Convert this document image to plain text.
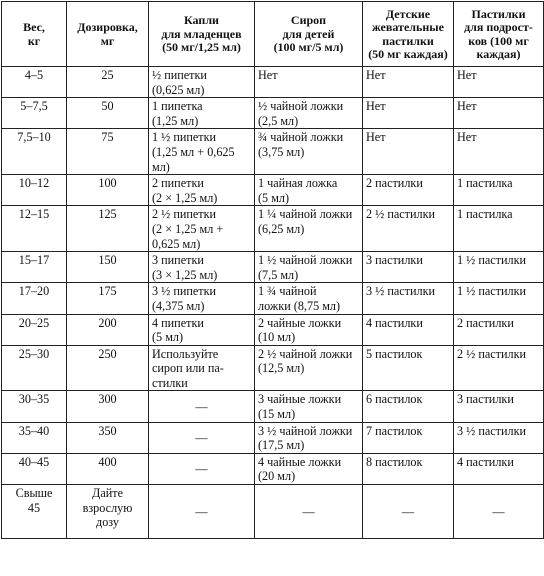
Вес,
кг	Дозировка,
мг	Капли
для младенцев
(50 мг/1,25 мл)	Сироп
для детей
(100 мг/5 мл)	Детские
жевательные
пастилки
(50 мг каждая)	Пастилки
для подрост-
ков (100 мг
каждая)

4–5	25	½ пипетки
(0,625 мл)	Нет	Нет	Нет

5–7,5	50	1 пипетка
(1,25 мл)	½ чайной ложки
(2,5 мл)	Нет	Нет

7,5–10	75	1 ½ пипетки
(1,25 мл + 0,625
мл)	¾ чайной ложки
(3,75 мл)	Нет	Нет

10–12	100	2 пипетки
(2 × 1,25 мл)	1 чайная ложка
(5 мл)	2 пастилки	1 пастилка

12–15	125	2 ½ пипетки
(2 × 1,25 мл +
0,625 мл)	1 ¼ чайной ложки
(6,25 мл)	2 ½ пастилки	1 пастилка

15–17	150	3 пипетки
(3 × 1,25 мл)	1 ½ чайной ложки
(7,5 мл)	3 пастилки	1 ½ пастилки

17–20	175	3 ½ пипетки
(4,375 мл)	1 ¾ чайной
ложки (8,75 мл)	3 ½ пастилки	1 ½ пастилки

20–25	200	4 пипетки
(5 мл)	2 чайные ложки
(10 мл)	4 пастилки	2 пастилки

25–30	250	Используйте
сироп или па-
стилки	2 ½ чайной ложки
(12,5 мл)	5 пастилок	2 ½ пастилки

30–35	300	—	3 чайные ложки
(15 мл)	6 пастилок	3 пастилки

35–40	350	—	3 ½ чайной ложки
(17,5 мл)	7 пастилок	3 ½ пастилки

40–45	400	—	4 чайные ложки
(20 мл)	8 пастилок	4 пастилки

Свыше
45	Дайте
взрослую
дозу	—	—	—	—
